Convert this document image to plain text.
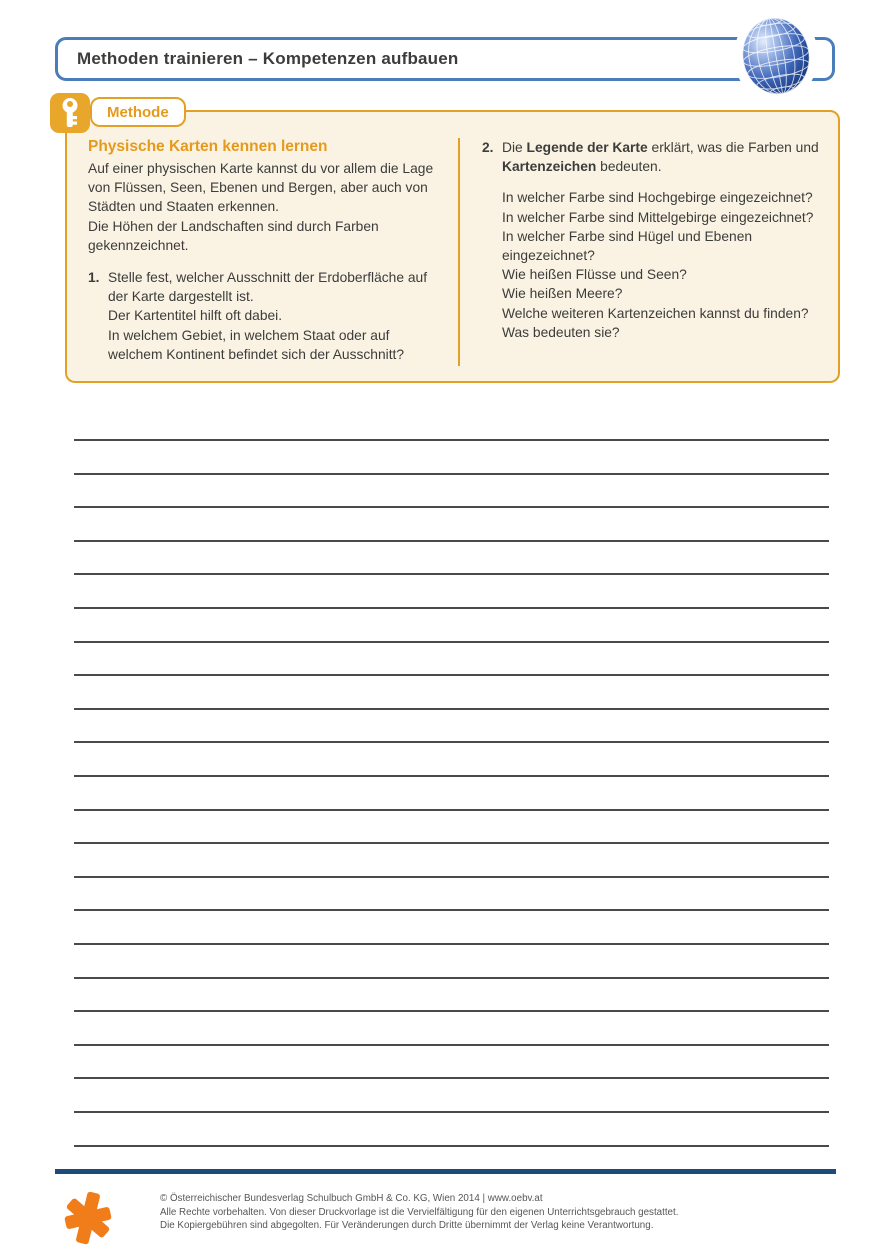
Methoden trainieren – Kompetenzen aufbauen
Methode
Physische Karten kennen lernen
Auf einer physischen Karte kannst du vor allem die Lage von Flüssen, Seen, Ebenen und Bergen, aber auch von Städten und Staaten erkennen.
Die Höhen der Landschaften sind durch Farben gekennzeichnet.
1. Stelle fest, welcher Ausschnitt der Erdoberfläche auf der Karte dargestellt ist.
Der Kartentitel hilft oft dabei.
In welchem Gebiet, in welchem Staat oder auf welchem Kontinent befindet sich der Ausschnitt?
2. Die Legende der Karte erklärt, was die Farben und Kartenzeichen bedeuten.
In welcher Farbe sind Hochgebirge eingezeichnet?
In welcher Farbe sind Mittelgebirge eingezeichnet?
In welcher Farbe sind Hügel und Ebenen eingezeichnet?
Wie heißen Flüsse und Seen?
Wie heißen Meere?
Welche weiteren Kartenzeichen kannst du finden?
Was bedeuten sie?
© Österreichischer Bundesverlag Schulbuch GmbH & Co. KG, Wien 2014 | www.oebv.at
Alle Rechte vorbehalten. Von dieser Druckvorlage ist die Vervielfältigung für den eigenen Unterrichtsgebrauch gestattet.
Die Kopiergebühren sind abgegolten. Für Veränderungen durch Dritte übernimmt der Verlag keine Verantwortung.
